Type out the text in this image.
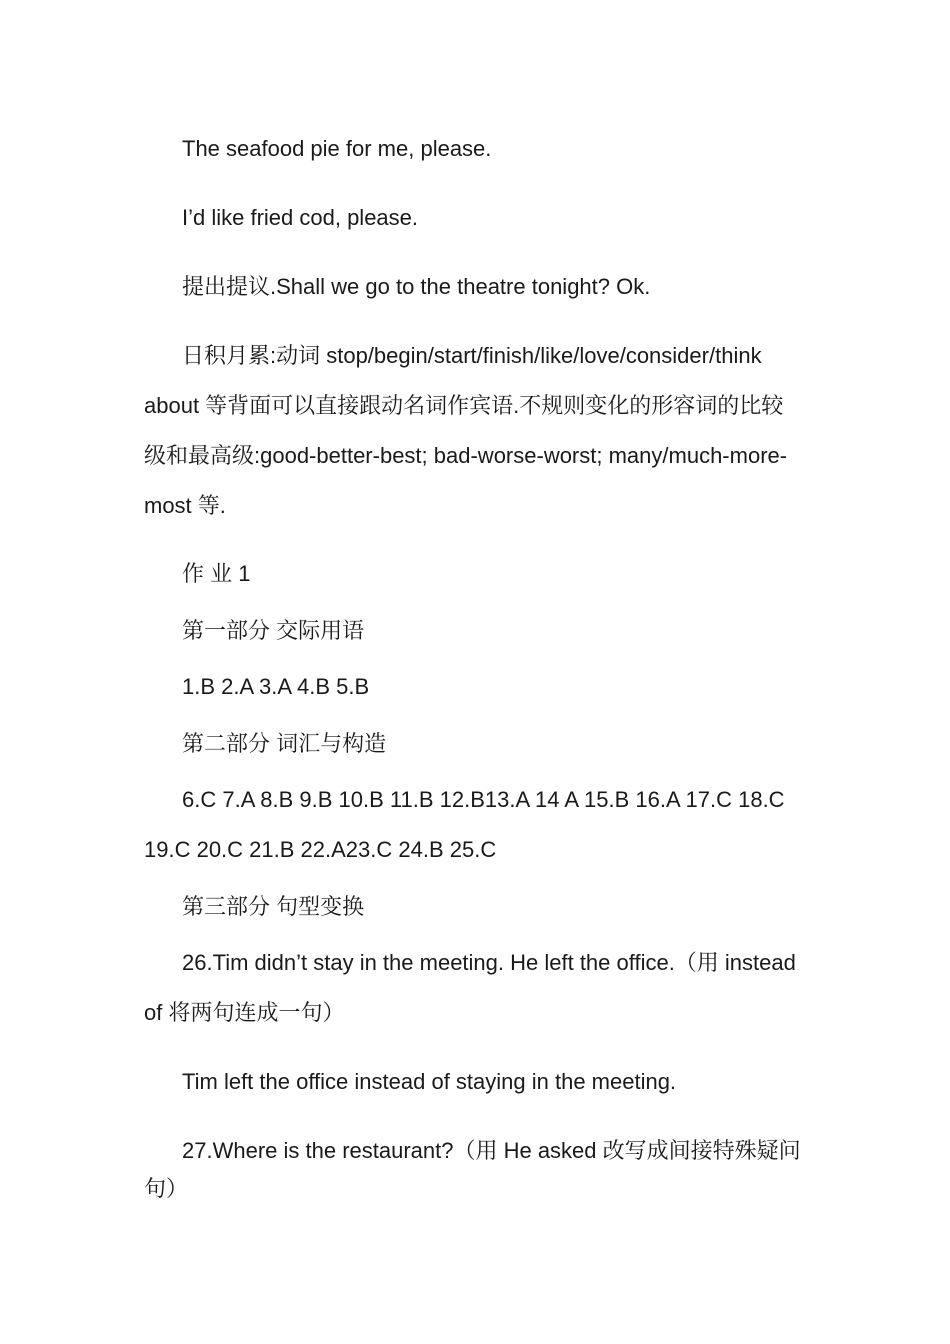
The seafood pie for me, please.
I’d like fried cod, please.
提出提议.Shall we go to the theatre tonight? Ok.
日积月累:动词 stop/begin/start/finish/like/love/consider/think
about 等背面可以直接跟动名词作宾语.不规则变化的形容词的比较
级和最高级:good-better-best; bad-worse-worst; many/much-more-
most 等.
作 业 1
第一部分 交际用语
1.B 2.A 3.A 4.B 5.B
第二部分 词汇与构造
6.C 7.A 8.B 9.B 10.B 11.B 12.B13.A 14 A 15.B 16.A 17.C 18.C
19.C 20.C 21.B 22.A23.C 24.B 25.C
第三部分 句型变换
26.Tim didn’t stay in the meeting. He left the office.（用 instead
of 将两句连成一句）
Tim left the office instead of staying in the meeting.
27.Where is the restaurant?（用 He asked 改写成间接特殊疑问
句）
